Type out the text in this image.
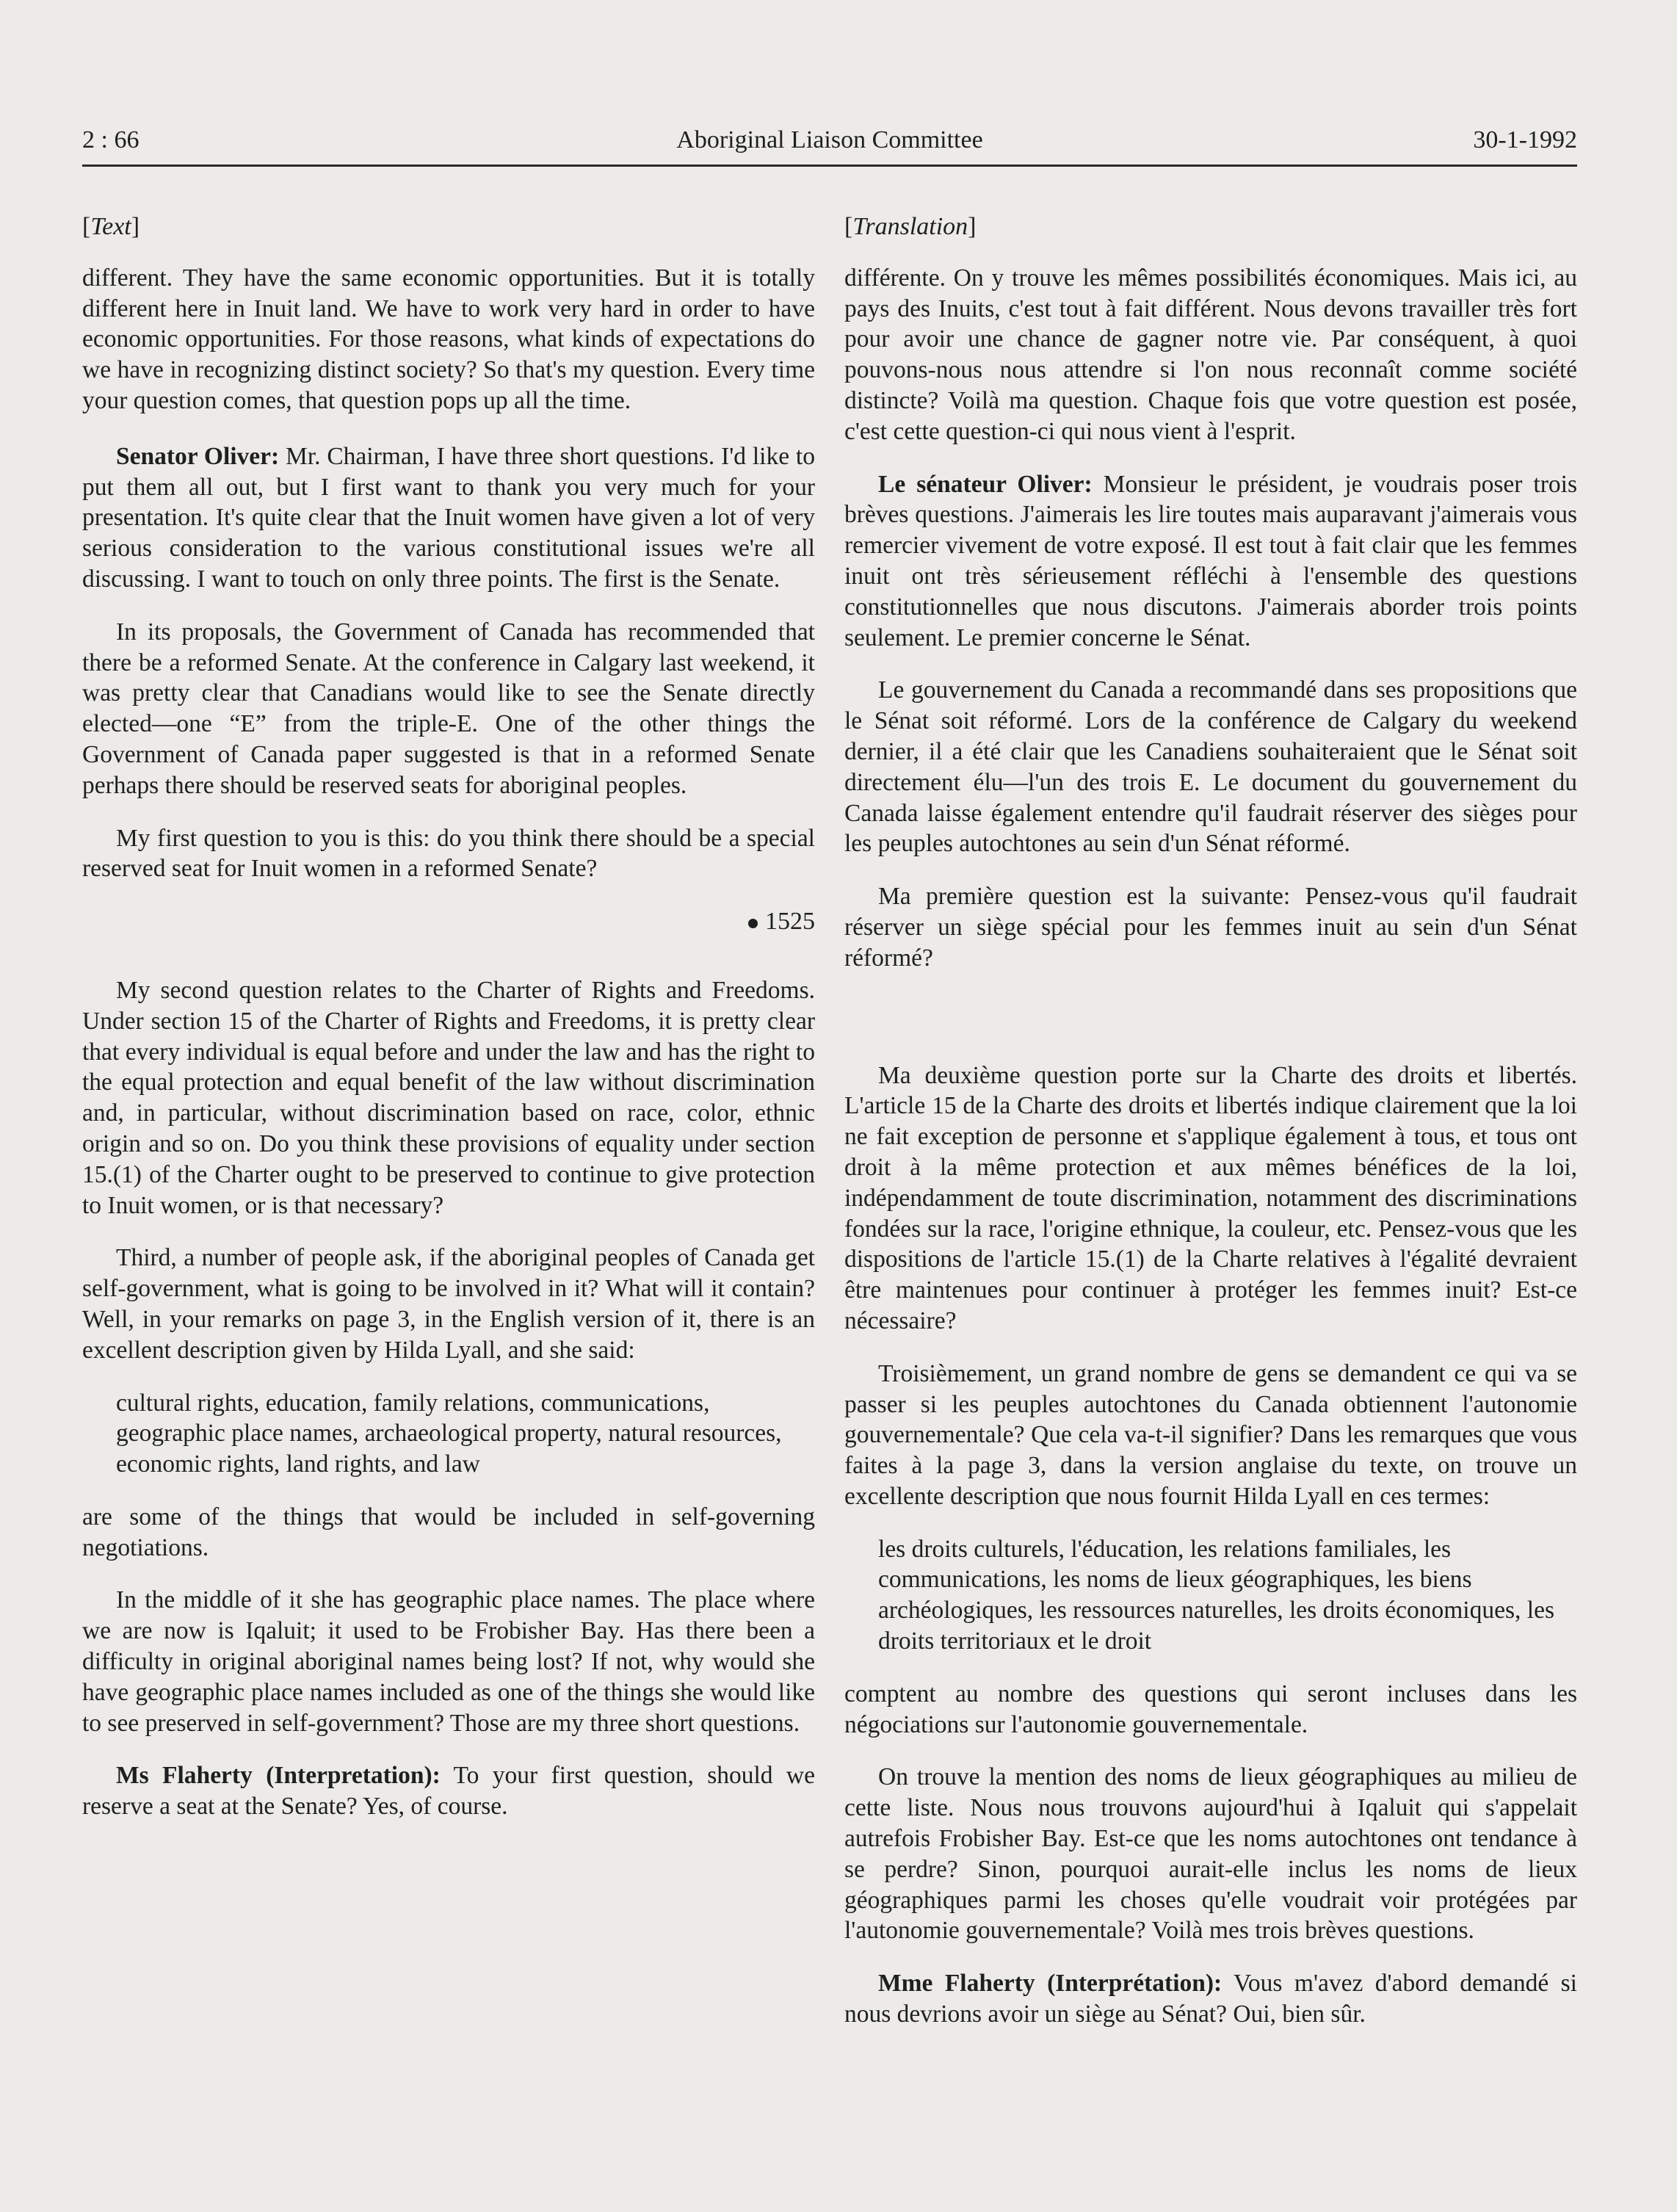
2 : 66	Aboriginal Liaison Committee	30-1-1992
[Text]

different. They have the same economic opportunities. But it is totally different here in Inuit land. We have to work very hard in order to have economic opportunities. For those reasons, what kinds of expectations do we have in recognizing distinct society? So that's my question. Every time your question comes, that question pops up all the time.

Senator Oliver: Mr. Chairman, I have three short questions. I'd like to put them all out, but I first want to thank you very much for your presentation. It's quite clear that the Inuit women have given a lot of very serious consideration to the various constitutional issues we're all discussing. I want to touch on only three points. The first is the Senate.

In its proposals, the Government of Canada has recommended that there be a reformed Senate. At the conference in Calgary last weekend, it was pretty clear that Canadians would like to see the Senate directly elected—one “E” from the triple-E. One of the other things the Government of Canada paper suggested is that in a reformed Senate perhaps there should be reserved seats for aboriginal peoples.

My first question to you is this: do you think there should be a special reserved seat for Inuit women in a reformed Senate?

1525

My second question relates to the Charter of Rights and Freedoms. Under section 15 of the Charter of Rights and Freedoms, it is pretty clear that every individual is equal before and under the law and has the right to the equal protection and equal benefit of the law without discrimination and, in particular, without discrimination based on race, color, ethnic origin and so on. Do you think these provisions of equality under section 15.(1) of the Charter ought to be preserved to continue to give protection to Inuit women, or is that necessary?

Third, a number of people ask, if the aboriginal peoples of Canada get self-government, what is going to be involved in it? What will it contain? Well, in your remarks on page 3, in the English version of it, there is an excellent description given by Hilda Lyall, and she said:

cultural rights, education, family relations, communications, geographic place names, archaeological property, natural resources, economic rights, land rights, and law

are some of the things that would be included in self-governing negotiations.

In the middle of it she has geographic place names. The place where we are now is Iqaluit; it used to be Frobisher Bay. Has there been a difficulty in original aboriginal names being lost? If not, why would she have geographic place names included as one of the things she would like to see preserved in self-government? Those are my three short questions.

Ms Flaherty (Interpretation): To your first question, should we reserve a seat at the Senate? Yes, of course.

[Translation]

différente. On y trouve les mêmes possibilités économiques. Mais ici, au pays des Inuits, c'est tout à fait différent. Nous devons travailler très fort pour avoir une chance de gagner notre vie. Par conséquent, à quoi pouvons-nous nous attendre si l'on nous reconnaît comme société distincte? Voilà ma question. Chaque fois que votre question est posée, c'est cette question-ci qui nous vient à l'esprit.

Le sénateur Oliver: Monsieur le président, je voudrais poser trois brèves questions. J'aimerais les lire toutes mais auparavant j'aimerais vous remercier vivement de votre exposé. Il est tout à fait clair que les femmes inuit ont très sérieusement réfléchi à l'ensemble des questions constitutionnelles que nous discutons. J'aimerais aborder trois points seulement. Le premier concerne le Sénat.

Le gouvernement du Canada a recommandé dans ses propositions que le Sénat soit réformé. Lors de la conférence de Calgary du weekend dernier, il a été clair que les Canadiens souhaiteraient que le Sénat soit directement élu—l'un des trois E. Le document du gouvernement du Canada laisse également entendre qu'il faudrait réserver des sièges pour les peuples autochtones au sein d'un Sénat réformé.

Ma première question est la suivante: Pensez-vous qu'il faudrait réserver un siège spécial pour les femmes inuit au sein d'un Sénat réformé?

Ma deuxième question porte sur la Charte des droits et libertés. L'article 15 de la Charte des droits et libertés indique clairement que la loi ne fait exception de personne et s'applique également à tous, et tous ont droit à la même protection et aux mêmes bénéfices de la loi, indépendamment de toute discrimination, notamment des discriminations fondées sur la race, l'origine ethnique, la couleur, etc. Pensez-vous que les dispositions de l'article 15.(1) de la Charte relatives à l'égalité devraient être maintenues pour continuer à protéger les femmes inuit? Est-ce nécessaire?

Troisièmement, un grand nombre de gens se demandent ce qui va se passer si les peuples autochtones du Canada obtiennent l'autonomie gouvernementale? Que cela va-t-il signifier? Dans les remarques que vous faites à la page 3, dans la version anglaise du texte, on trouve un excellente description que nous fournit Hilda Lyall en ces termes:

les droits culturels, l'éducation, les relations familiales, les communications, les noms de lieux géographiques, les biens archéologiques, les ressources naturelles, les droits économiques, les droits territoriaux et le droit

comptent au nombre des questions qui seront incluses dans les négociations sur l'autonomie gouvernementale.

On trouve la mention des noms de lieux géographiques au milieu de cette liste. Nous nous trouvons aujourd'hui à Iqaluit qui s'appelait autrefois Frobisher Bay. Est-ce que les noms autochtones ont tendance à se perdre? Sinon, pourquoi aurait-elle inclus les noms de lieux géographiques parmi les choses qu'elle voudrait voir protégées par l'autonomie gouvernementale? Voilà mes trois brèves questions.

Mme Flaherty (Interprétation): Vous m'avez d'abord demandé si nous devrions avoir un siège au Sénat? Oui, bien sûr.
